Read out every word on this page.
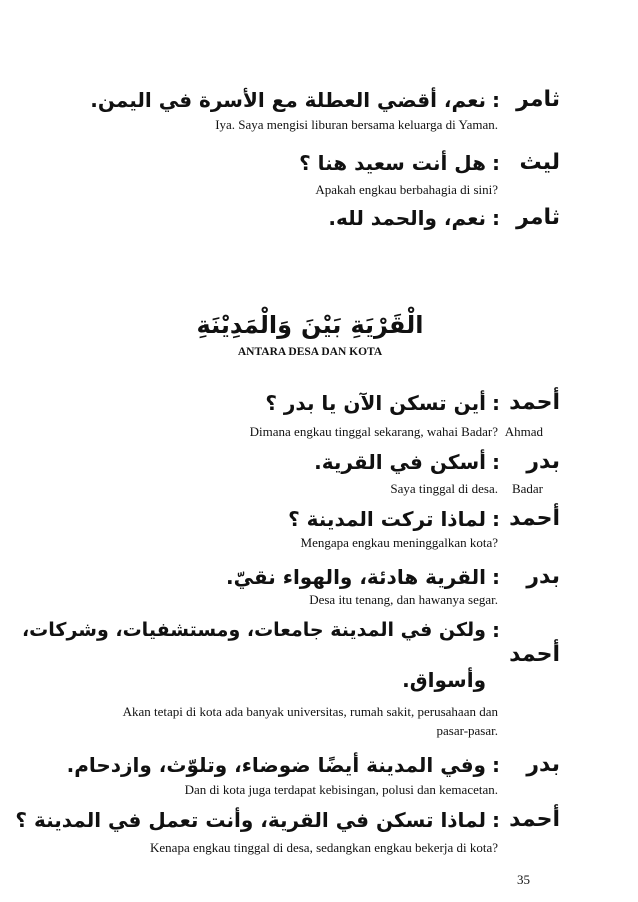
ثامر
:
نعم، أقضي العطلة مع الأسرة في اليمن.
Iya. Saya mengisi liburan bersama keluarga di Yaman.
ليث
:
هل أنت سعيد هنا ؟
Apakah engkau berbahagia di sini?
ثامر
:
نعم، والحمد لله.
وَالْمَدِيْنَةِ بَيْنَ الْقَرْيَةِ
ANTARA DESA DAN KOTA
أحمد
:
أين تسكن الآن يا بدر ؟
Dimana engkau tinggal sekarang, wahai Badar? Ahmad
بدر
:
أسكن في القرية.
Saya tinggal di desa. Badar
أحمد
:
لماذا تركت المدينة ؟
Mengapa engkau meninggalkan kota?
بدر
:
القرية هادئة، والهواء نقيّ.
Desa itu tenang, dan hawanya segar.
أحمد
:
ولكن في المدينة جامعات، ومستشفيات، وشركات،
وأسواق.
Akan tetapi di kota ada banyak universitas, rumah sakit, perusahaan dan
pasar-pasar.
بدر
:
وفي المدينة أيضًا ضوضاء، وتلوّث، وازدحام.
Dan di kota juga terdapat kebisingan, polusi dan kemacetan.
أحمد
:
لماذا تسكن في القرية، وأنت تعمل في المدينة ؟
Kenapa engkau tinggal di desa, sedangkan engkau bekerja di kota?
35
